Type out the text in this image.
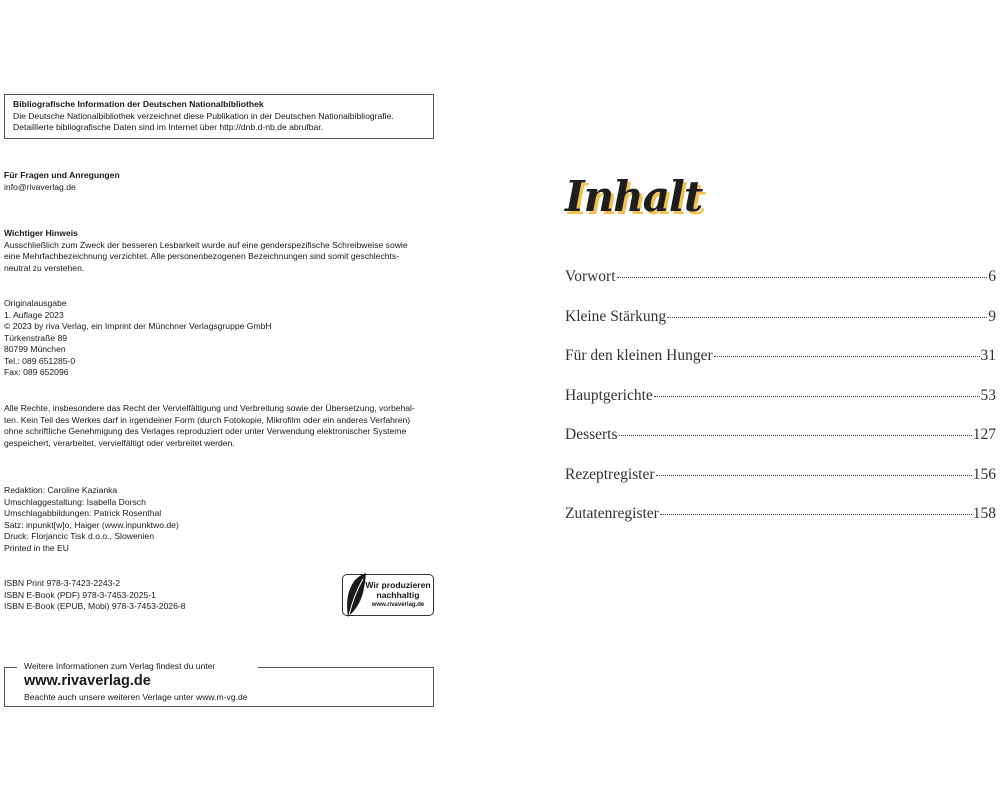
Bibliografische Information der Deutschen Nationalbibliothek
Die Deutsche Nationalbibliothek verzeichnet diese Publikation in der Deutschen Nationalbibliografie.
Detaillierte bibliografische Daten sind im Internet über http://dnb.d-nb.de abrufbar.
Für Fragen und Anregungen
info@rivaverlag.de
Wichtiger Hinweis
Ausschließlich zum Zweck der besseren Lesbarkeit wurde auf eine genderspezifische Schreibweise sowie
eine Mehrfachbezeichnung verzichtet. Alle personenbezogenen Bezeichnungen sind somit geschlechts-
neutral zu verstehen.
Originalausgabe
1. Auflage 2023
© 2023 by riva Verlag, ein Imprint der Münchner Verlagsgruppe GmbH
Türkenstraße 89
80799 München
Tel.: 089 651285-0
Fax: 089 652096
Alle Rechte, insbesondere das Recht der Vervielfältigung und Verbreitung sowie der Übersetzung, vorbehal-
ten. Kein Teil des Werkes darf in irgendeiner Form (durch Fotokopie, Mikrofilm oder ein anderes Verfahren)
ohne schriftliche Genehmigung des Verlages reproduziert oder unter Verwendung elektronischer Systeme
gespeichert, verarbeitet, vervielfältigt oder verbreitet werden.
Redaktion: Caroline Kazianka
Umschlaggestaltung: Isabella Dorsch
Umschlagabbildungen: Patrick Rosenthal
Satz: inpunkt[w]o, Haiger (www.inpunktwo.de)
Druck: Florjancic Tisk d.o.o., Slowenien
Printed in the EU
ISBN Print 978-3-7423-2243-2
ISBN E-Book (PDF) 978-3-7453-2025-1
ISBN E-Book (EPUB, Mobi) 978-3-7453-2026-8
Wir produzieren
nachhaltig
www.rivaverlag.de
Weitere Informationen zum Verlag findest du unter
www.rivaverlag.de
Beachte auch unsere weiteren Verlage unter www.m-vg.de
Inhalt
Vorwort	6
Kleine Stärkung	9
Für den kleinen Hunger	31
Hauptgerichte	53
Desserts	127
Rezeptregister	156
Zutatenregister	158
